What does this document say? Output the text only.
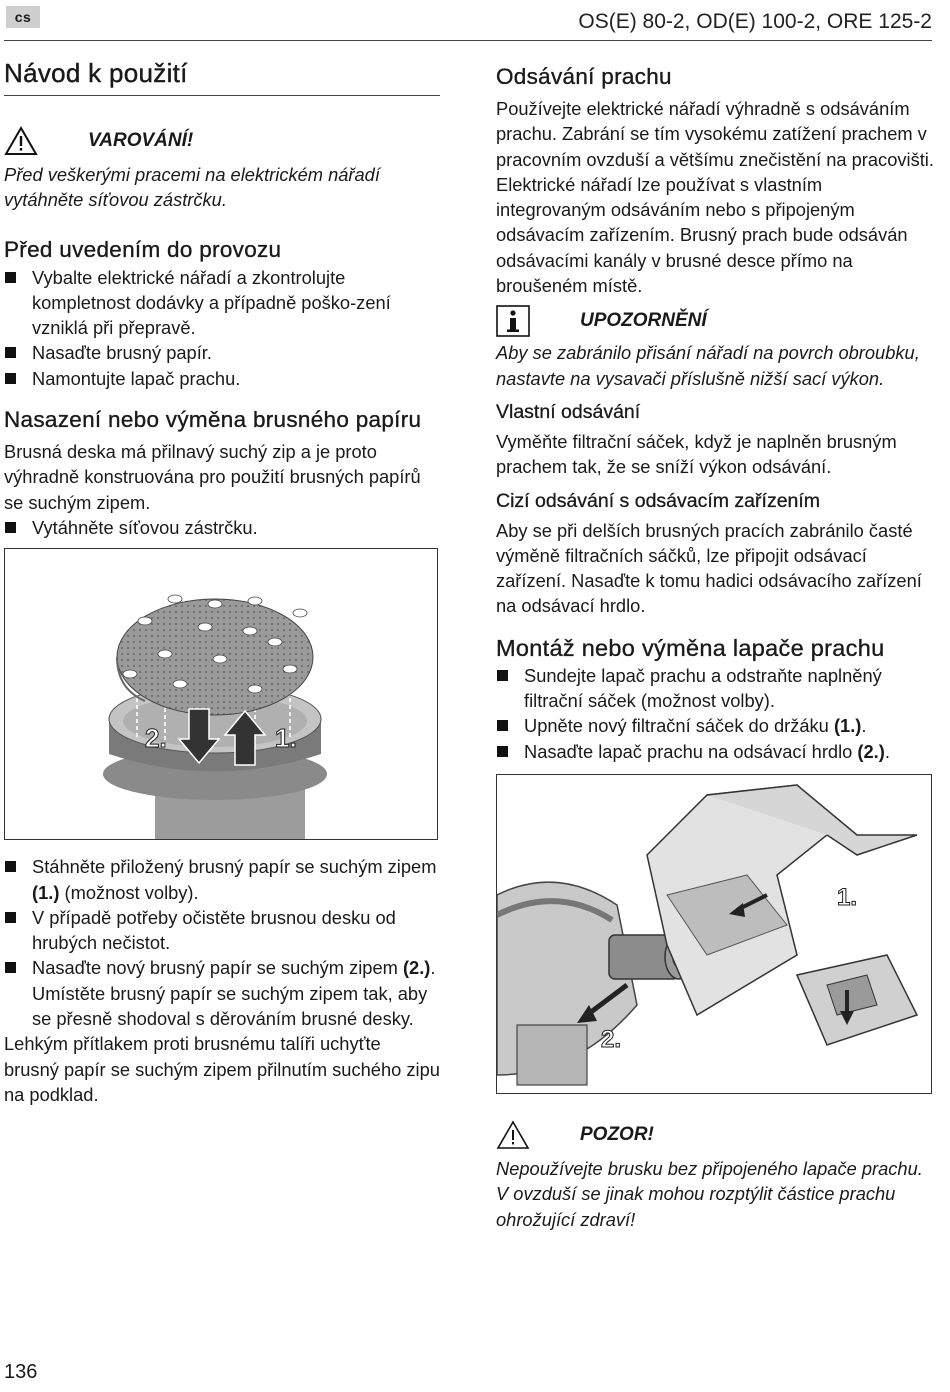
cs	OS(E) 80-2, OD(E) 100-2, ORE 125-2
Návod k použití
VAROVÁNÍ!

Před veškerými pracemi na elektrickém nářadí vytáhněte síťovou zástrčku.

Před uvedením do provozu
Vybalte elektrické nářadí a zkontrolujte kompletnost dodávky a případně poško-zení vzniklá při přepravě.
Nasaďte brusný papír.
Namontujte lapač prachu.
Nasazení nebo výměna brusného papíru

Brusná deska má přilnavý suchý zip a je proto výhradně konstruována pro použití brusných papírů se suchým zipem.

Vytáhněte síťovou zástrčku.
2.	1.
Stáhněte přiložený brusný papír se suchým zipem (1.) (možnost volby).
V případě potřeby očistěte brusnou desku od hrubých nečistot.
Nasaďte nový brusný papír se suchým zipem (2.). Umístěte brusný papír se suchým zipem tak, aby se přesně shodoval s děrováním brusné desky.

Lehkým přítlakem proti brusnému talíři uchyťte brusný papír se suchým zipem přilnutím suchého zipu na podklad.

Odsávání prachu

Používejte elektrické nářadí výhradně s odsáváním prachu. Zabrání se tím vysokému zatížení prachem v pracovním ovzduší a většímu znečistění na pracovišti. Elektrické nářadí lze používat s vlastním integrovaným odsáváním nebo s připojeným odsávacím zařízením. Brusný prach bude odsáván odsávacími kanály v brusné desce přímo na broušeném místě.

UPOZORNĚNÍ

Aby se zabránilo přisání nářadí na povrch obroubku, nastavte na vysavači příslušně nižší sací výkon.

Vlastní odsávání

Vyměňte filtrační sáček, když je naplněn brusným prachem tak, že se sníží výkon odsávání.

Cizí odsávání s odsávacím zařízením

Aby se při delších brusných pracích zabránilo časté výměně filtračních sáčků, lze připojit odsávací zařízení. Nasaďte k tomu hadici odsávacího zařízení na odsávací hrdlo.

Montáž nebo výměna lapače prachu
Sundejte lapač prachu a odstraňte naplněný filtrační sáček (možnost volby).
Upněte nový filtrační sáček do držáku (1.).
Nasaďte lapač prachu na odsávací hrdlo (2.).
1.
2.
POZOR!

Nepoužívejte brusku bez připojeného lapače prachu. V ovzduší se jinak mohou rozptýlit částice prachu ohrožující zdraví!

136
